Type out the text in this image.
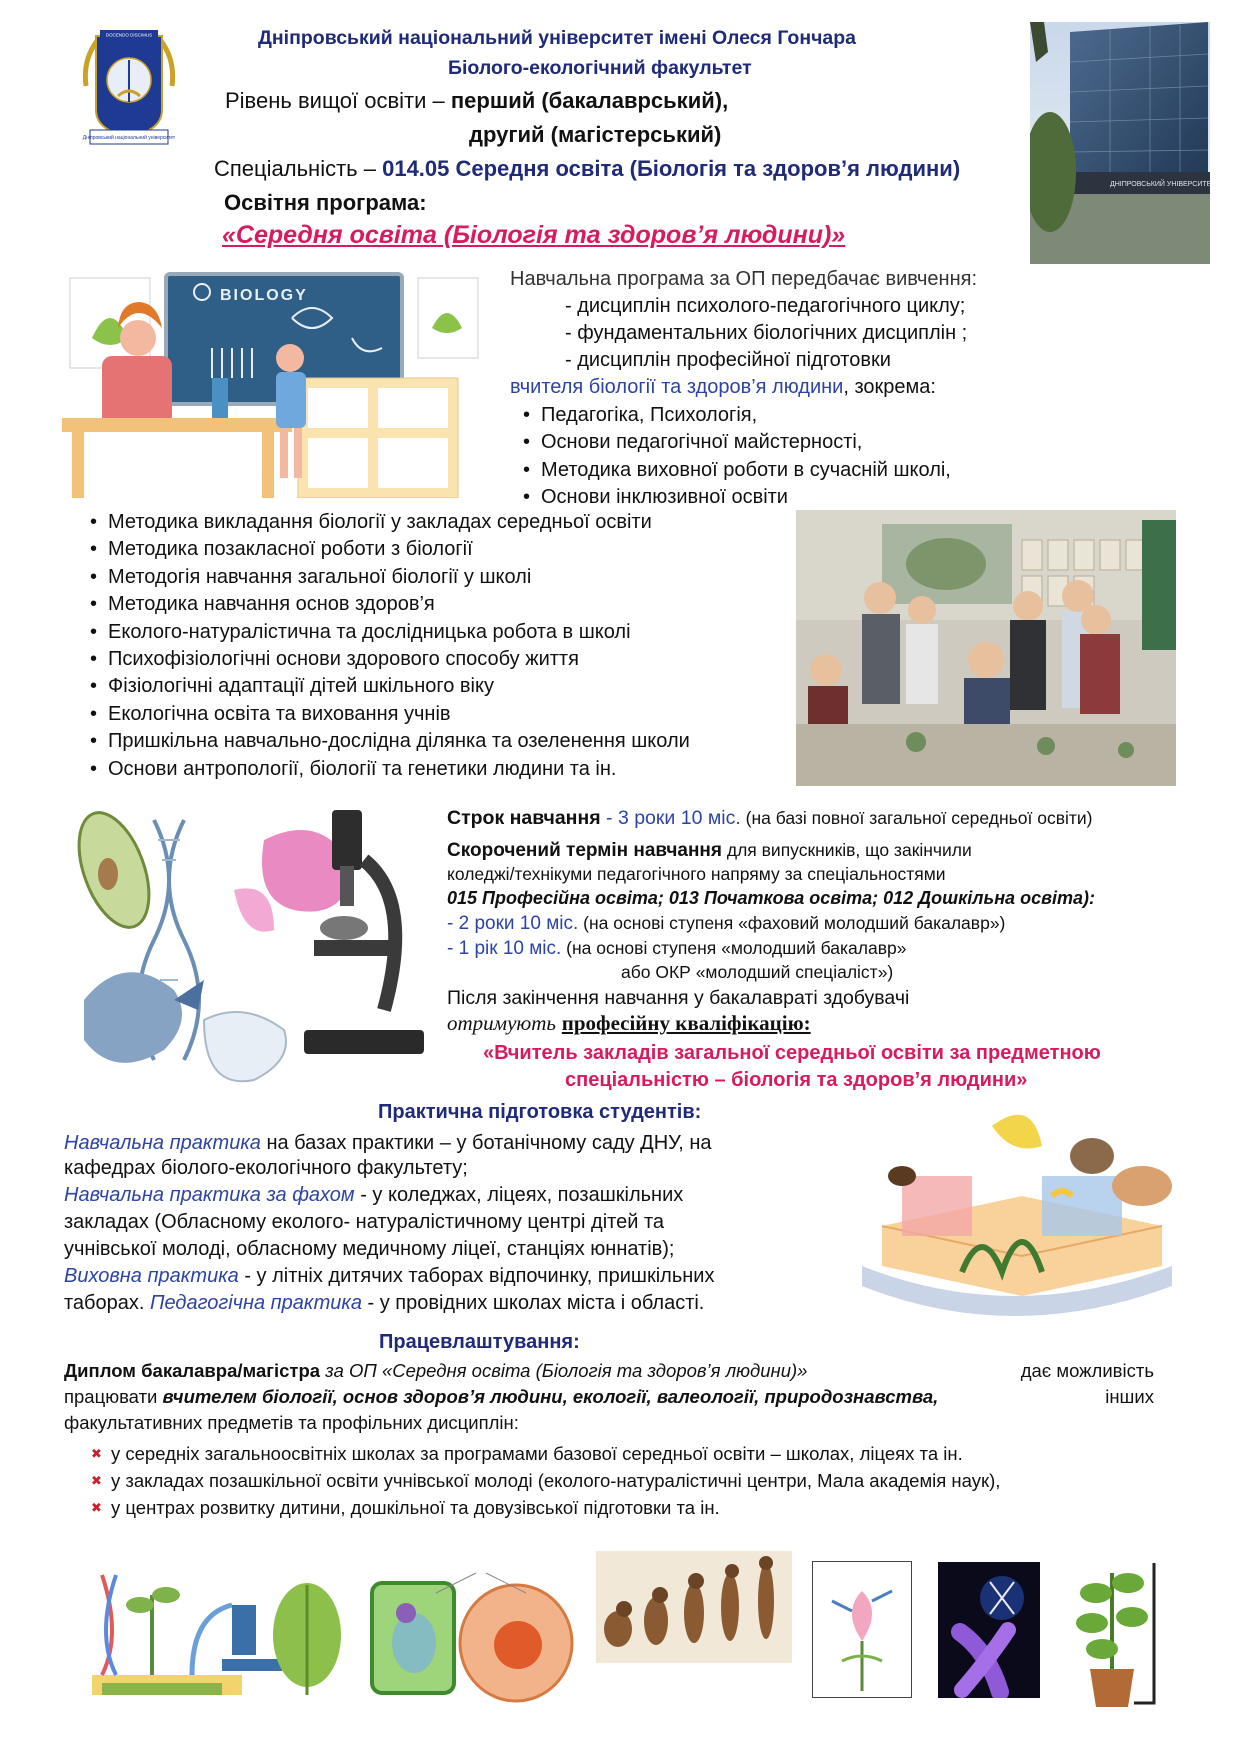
DOCENDO DISCIMUS
Дніпровський національний університет
Дніпровський національний університет імені Олеся Гончара
Біолого-екологічний факультет
Рівень вищої освіти – перший (бакалаврський),
другий (магістерський)
Спеціальність – 014.05 Середня освіта (Біологія та здоров’я людини)
Освітня програма:
«Середня освіта (Біологія та здоров’я людини)»
ДНІПРОВСЬКИЙ УНІВЕРСИТЕТ
BIOLOGY
Навчальна програма за ОП передбачає вивчення:
- дисциплін психолого-педагогічного циклу;
- фундаментальних біологічних дисциплін ;
- дисциплін професійної підготовки
вчителя біології та здоров’я людини, зокрема:
• Педагогіка, Психологія,
• Основи педагогічної майстерності,
• Методика виховної роботи в сучасній школі,
• Основи інклюзивної освіти
• Методика викладання біології у закладах середньої освіти
• Методика позакласної роботи з біології
• Методогія навчання загальної біології у школі
• Методика навчання основ здоров’я
• Еколого-натуралістична та дослідницька робота в школі
• Психофізіологічні основи здорового способу життя
• Фізіологічні адаптації дітей шкільного віку
• Екологічна освіта та виховання учнів
• Пришкільна навчально-дослідна ділянка та озеленення школи
• Основи антропології, біології та генетики людини та ін.
Строк навчання - 3 роки 10 міс. (на базі повної загальної середньої освіти)
Скорочений термін навчання для випускників, що закінчили
коледжі/технікуми педагогічного напряму за спеціальностями
015 Професійна освіта; 013 Початкова освіта; 012 Дошкільна освіта):
- 2 роки 10 міс. (на основі ступеня «фаховий молодший бакалавр»)
- 1 рік 10 міс. (на основі ступеня «молодший бакалавр»
або ОКР «молодший спеціаліст»)
Після закінчення навчання у бакалавраті здобувачі
отримують професійну кваліфікацію:
«Вчитель закладів загальної середньої освіти за предметною
спеціальністю – біологія та здоров’я людини»
Практична підготовка студентів:
Навчальна практика на базах практики – у ботанічному саду ДНУ, на
кафедрах біолого-екологічного факультету;
Навчальна практика за фахом - у коледжах, ліцеях, позашкільних
закладах (Обласному еколого- натуралістичному центрі дітей та
учнівської молоді, обласному медичному ліцеї, станціях юннатів);
Виховна практика - у літніх дитячих таборах відпочинку, пришкільних
таборах. Педагогічна практика - у провідних школах міста і області.
Працевлаштування:
Диплом бакалавра/магістра за ОП «Середня освіта (Біологія та здоров’я людини)»	дає можливість
працювати вчителем біології, основ здоров’я людини, екології, валеології, природознавства,	інших
факультативних предметів та профільних дисциплін:
✖ у середніх загальноосвітніх школах за програмами базової середньої освіти – школах, ліцеях та ін.
✖ у закладах позашкільної освіти учнівської молоді (еколого-натуралістичні центри, Мала академія наук),
✖ у центрах розвитку дитини, дошкільної та довузівської підготовки та ін.
